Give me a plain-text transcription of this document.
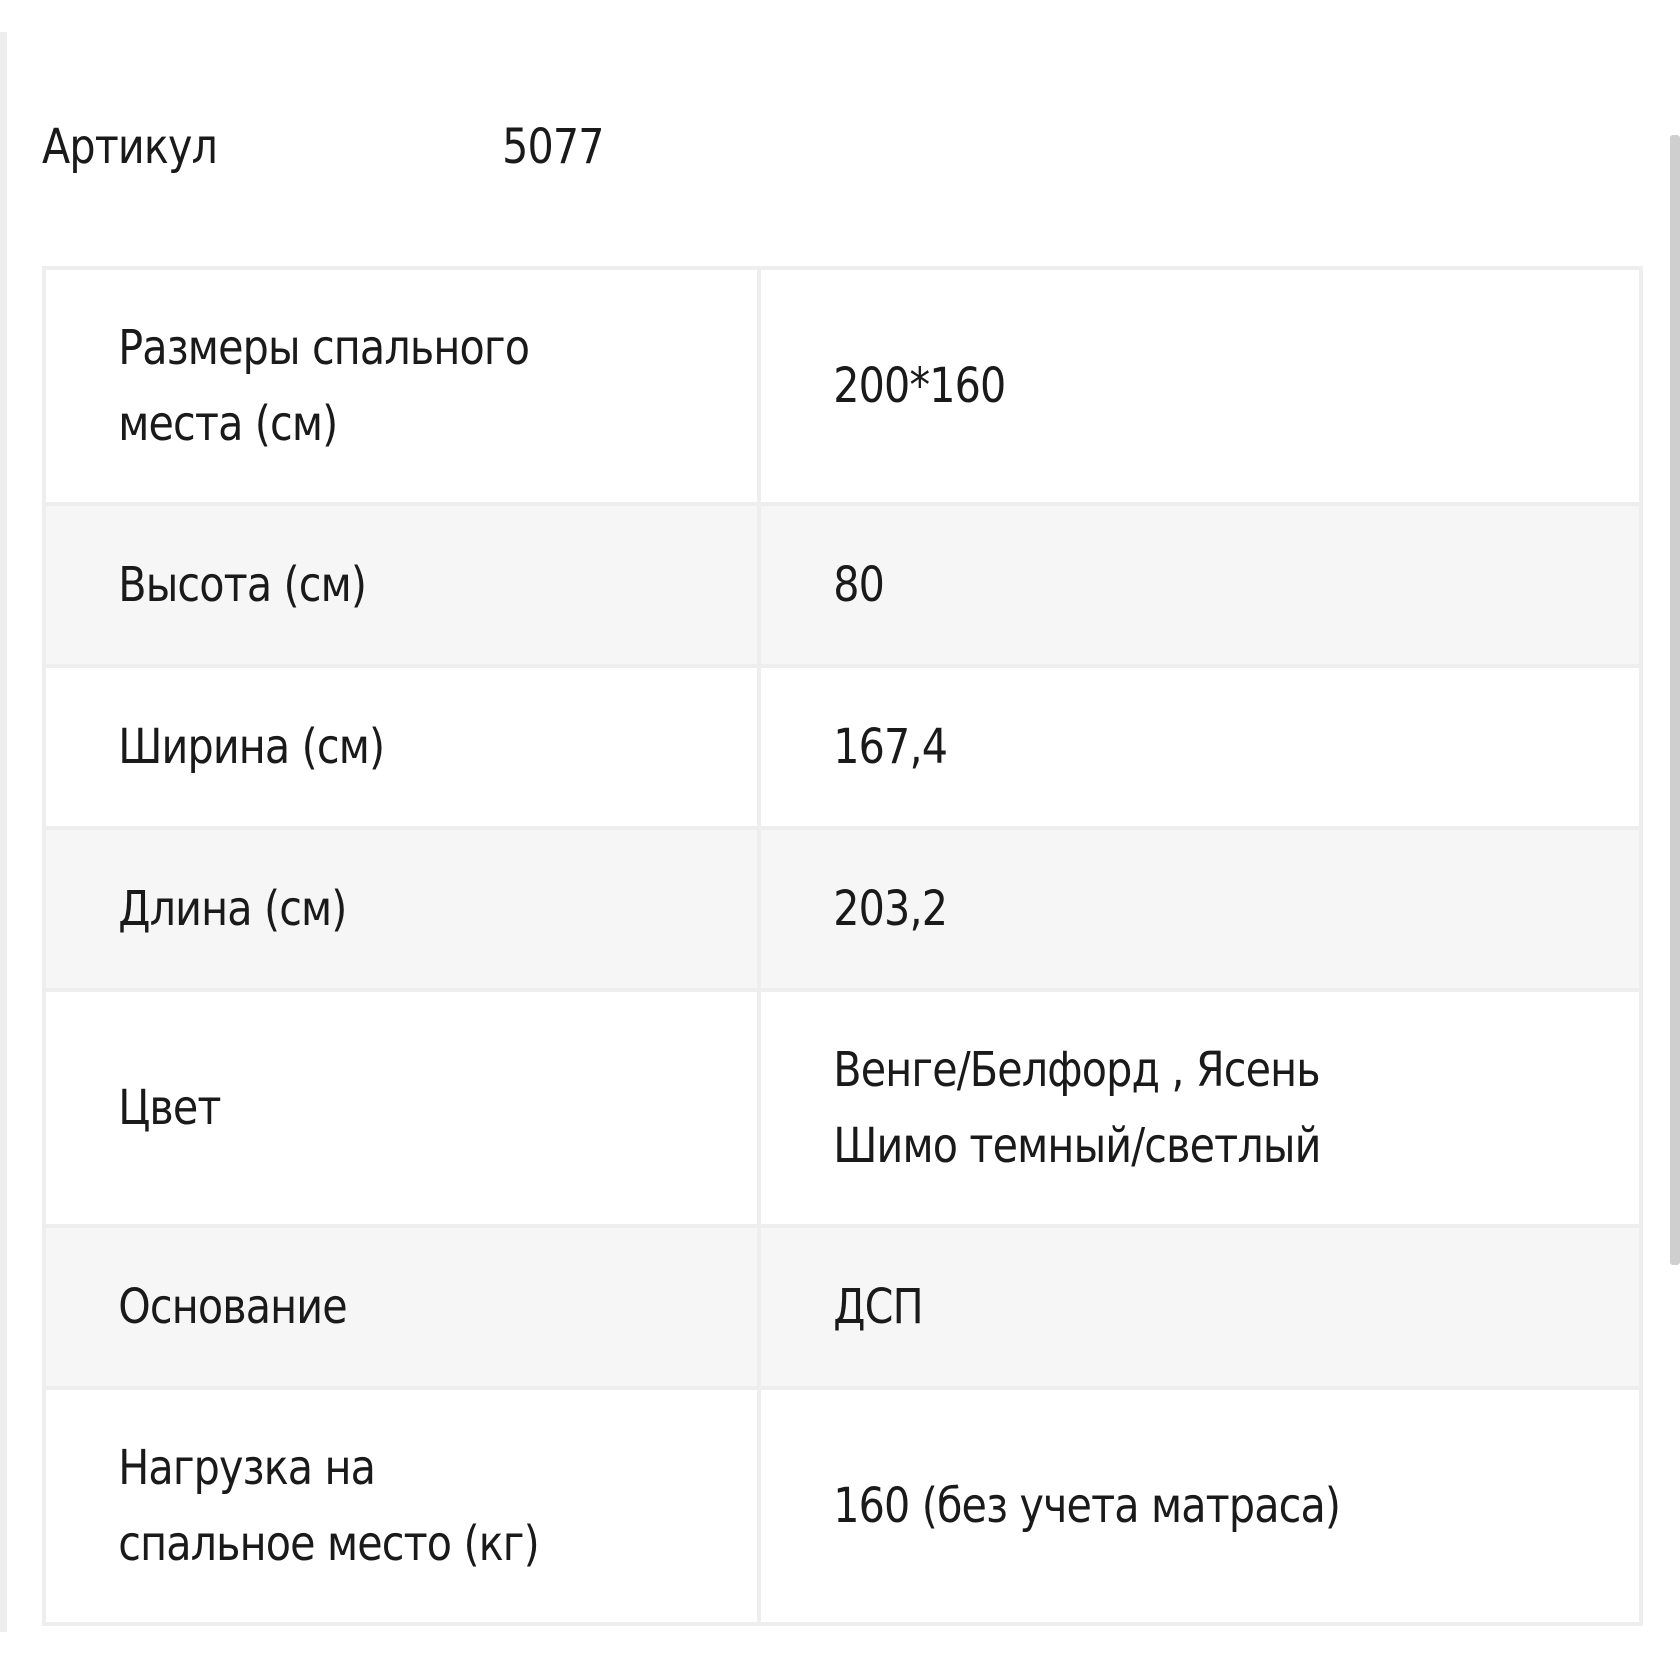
Артикул	5077
Размеры спального
места (см)	200*160

Высота (см)	80

Ширина (см)	167,4

Длина (см)	203,2

Цвет	Венге/Белфорд , Ясень
Шимо темный/светлый

Основание	ДСП

Нагрузка на
спальное место (кг)	160 (без учета матраса)
